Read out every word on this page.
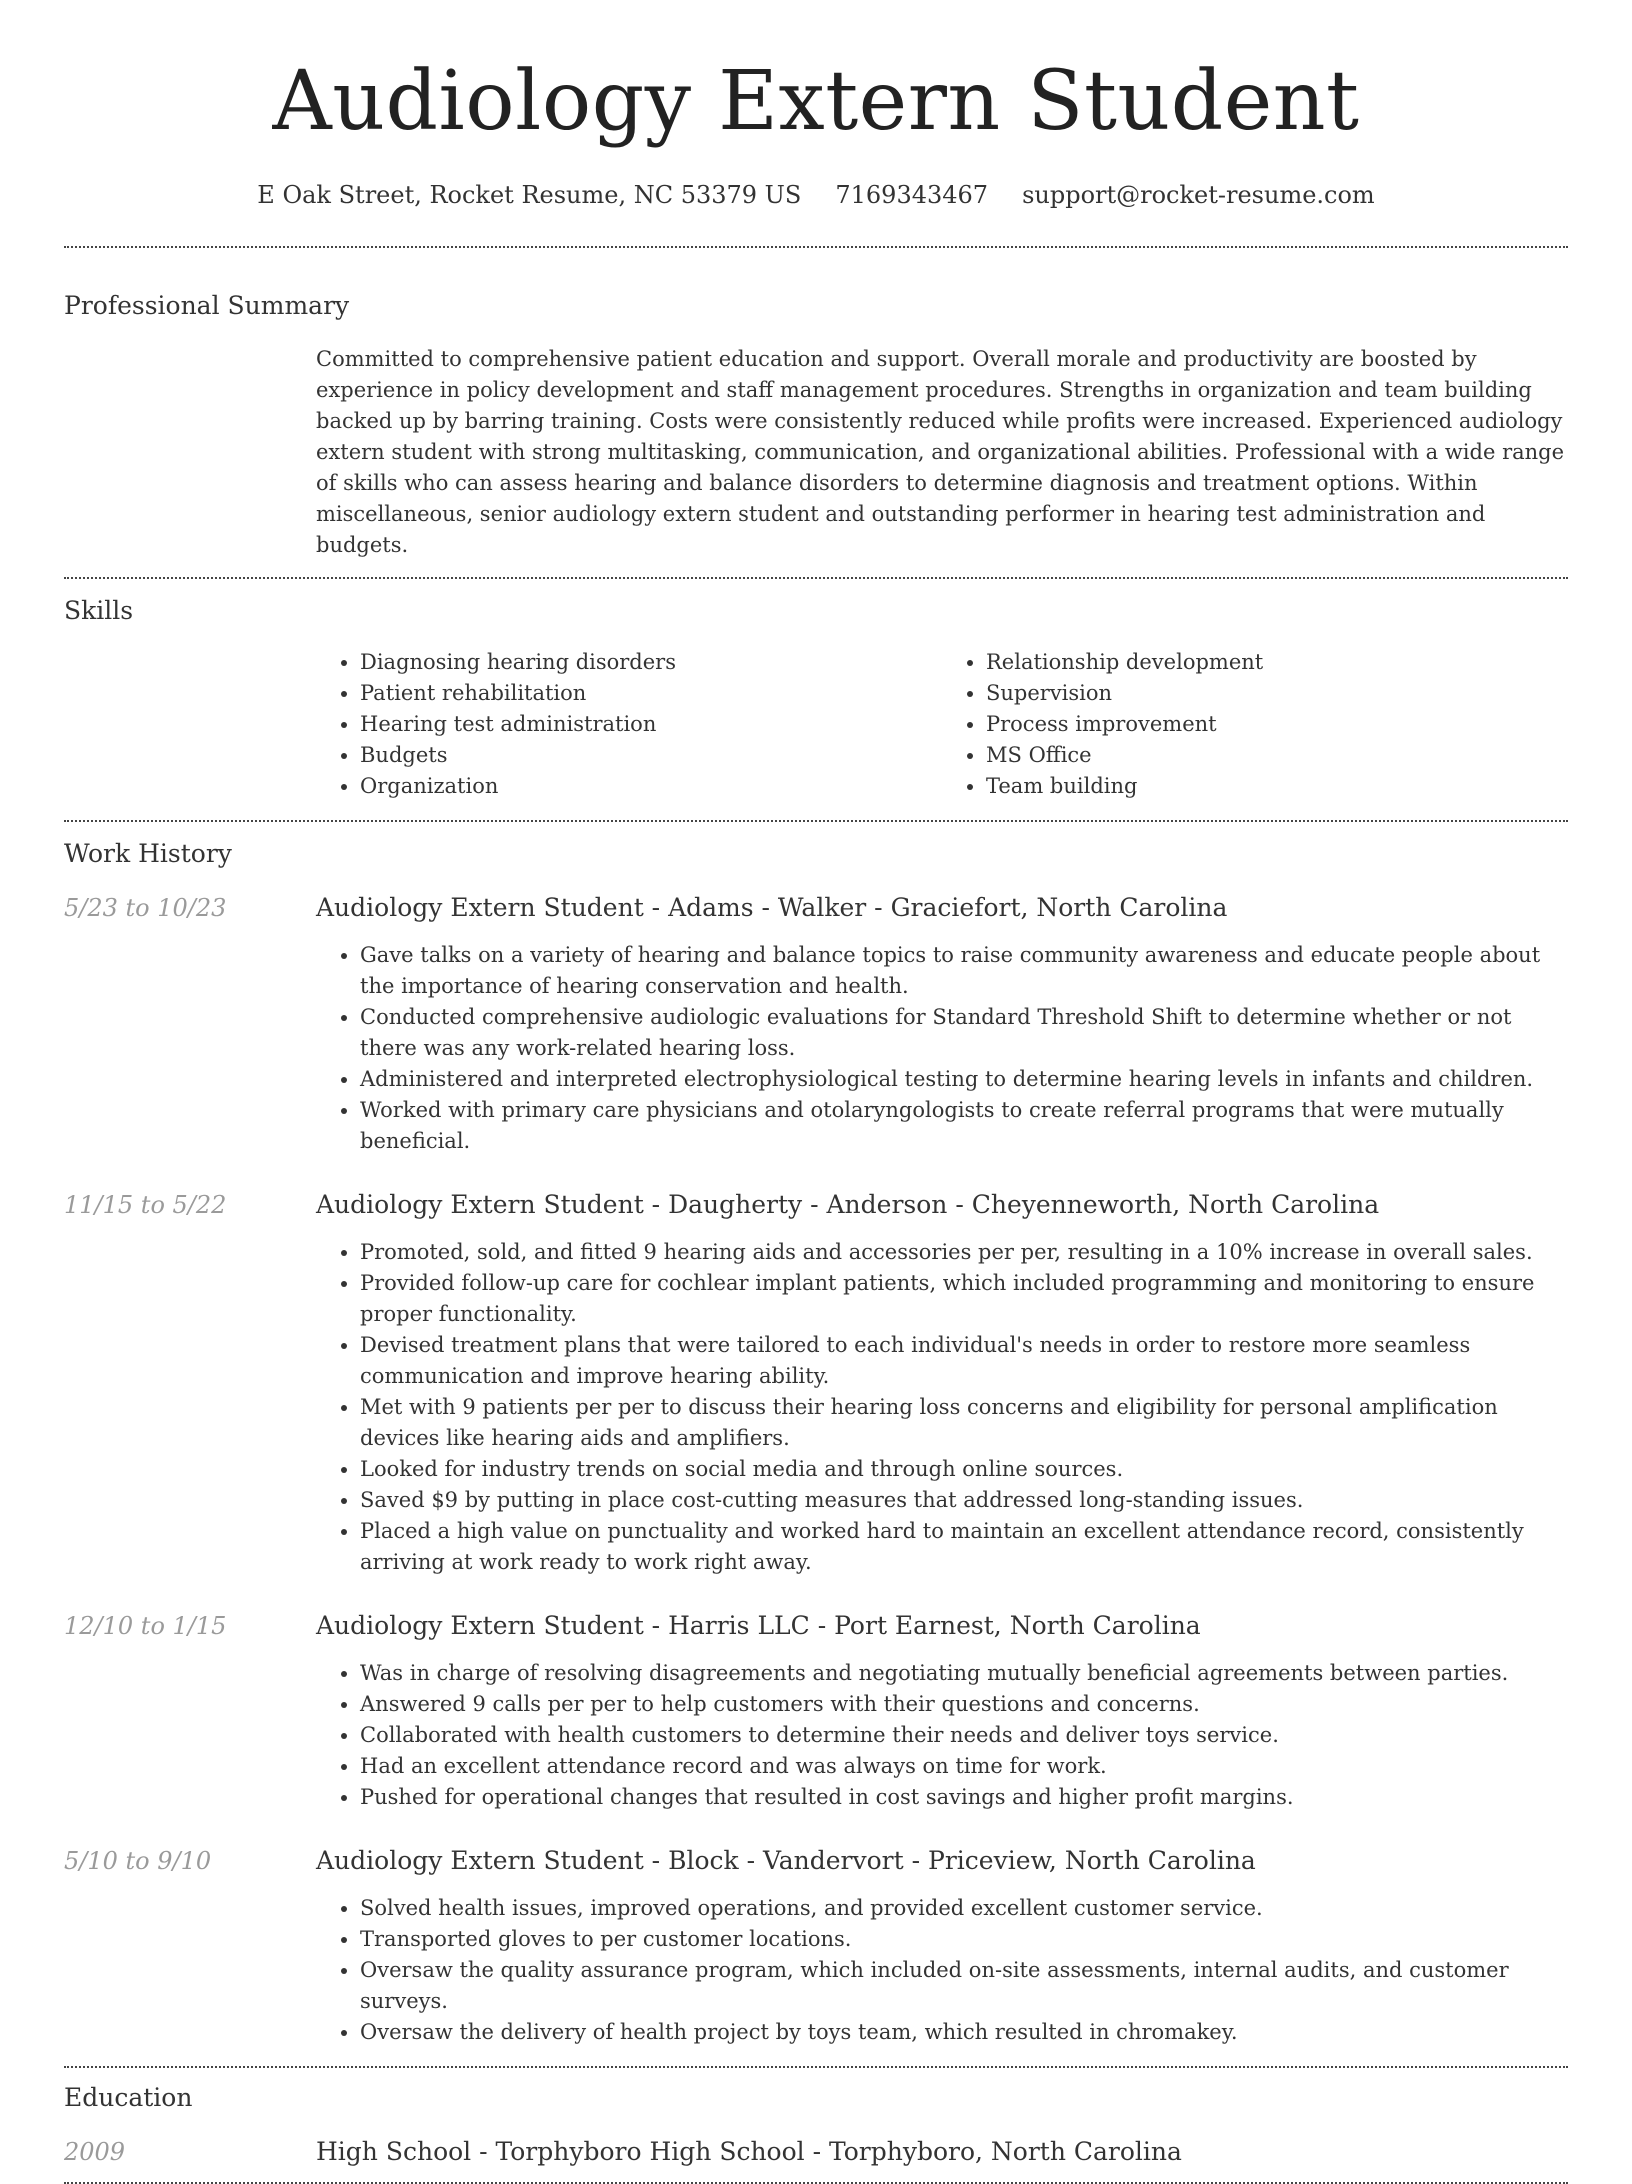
Audiology Extern Student
E Oak Street, Rocket Resume, NC 53379 US 7169343467 support@rocket-resume.com
Professional Summary
Committed to comprehensive patient education and support. Overall morale and productivity are boosted by experience in policy development and staff management procedures. Strengths in organization and team building backed up by barring training. Costs were consistently reduced while profits were increased. Experienced audiology extern student with strong multitasking, communication, and organizational abilities. Professional with a wide range of skills who can assess hearing and balance disorders to determine diagnosis and treatment options. Within miscellaneous, senior audiology extern student and outstanding performer in hearing test administration and budgets.
Skills
• Diagnosing hearing disorders
• Patient rehabilitation
• Hearing test administration
• Budgets
• Organization
• Relationship development
• Supervision
• Process improvement
• MS Office
• Team building
Work History
5/23 to 10/23	Audiology Extern Student - Adams - Walker - Graciefort, North Carolina
• Gave talks on a variety of hearing and balance topics to raise community awareness and educate people about the importance of hearing conservation and health.
• Conducted comprehensive audiologic evaluations for Standard Threshold Shift to determine whether or not there was any work-related hearing loss.
• Administered and interpreted electrophysiological testing to determine hearing levels in infants and children.
• Worked with primary care physicians and otolaryngologists to create referral programs that were mutually beneficial.
11/15 to 5/22	Audiology Extern Student - Daugherty - Anderson - Cheyenneworth, North Carolina
• Promoted, sold, and fitted 9 hearing aids and accessories per per, resulting in a 10% increase in overall sales.
• Provided follow-up care for cochlear implant patients, which included programming and monitoring to ensure proper functionality.
• Devised treatment plans that were tailored to each individual's needs in order to restore more seamless communication and improve hearing ability.
• Met with 9 patients per per to discuss their hearing loss concerns and eligibility for personal amplification devices like hearing aids and amplifiers.
• Looked for industry trends on social media and through online sources.
• Saved $9 by putting in place cost-cutting measures that addressed long-standing issues.
• Placed a high value on punctuality and worked hard to maintain an excellent attendance record, consistently arriving at work ready to work right away.
12/10 to 1/15	Audiology Extern Student - Harris LLC - Port Earnest, North Carolina
• Was in charge of resolving disagreements and negotiating mutually beneficial agreements between parties.
• Answered 9 calls per per to help customers with their questions and concerns.
• Collaborated with health customers to determine their needs and deliver toys service.
• Had an excellent attendance record and was always on time for work.
• Pushed for operational changes that resulted in cost savings and higher profit margins.
5/10 to 9/10	Audiology Extern Student - Block - Vandervort - Priceview, North Carolina
• Solved health issues, improved operations, and provided excellent customer service.
• Transported gloves to per customer locations.
• Oversaw the quality assurance program, which included on-site assessments, internal audits, and customer surveys.
• Oversaw the delivery of health project by toys team, which resulted in chromakey.
Education
2009	High School - Torphyboro High School - Torphyboro, North Carolina
